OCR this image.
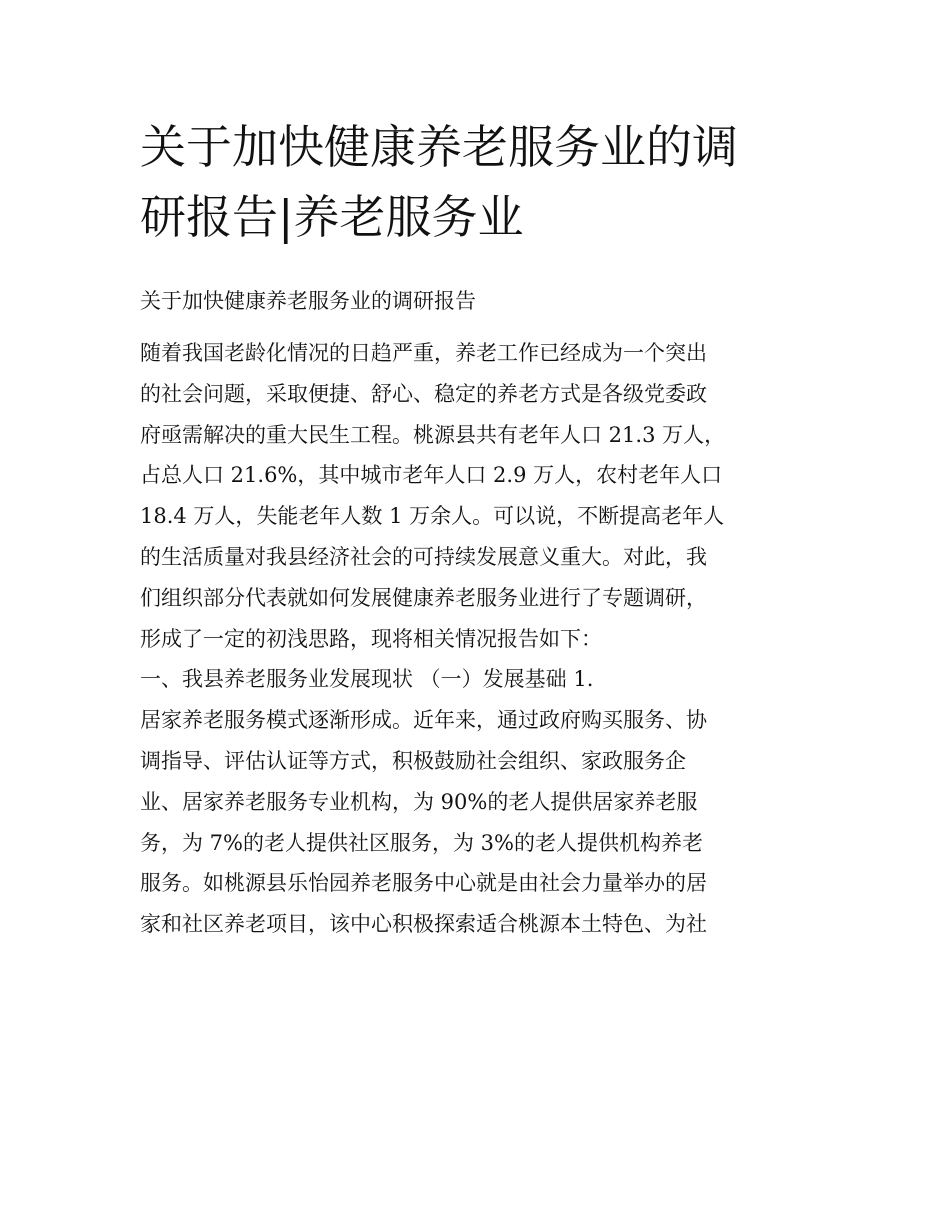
关于加快健康养老服务业的调
研报告|养老服务业

关于加快健康养老服务业的调研报告

随着我国老龄化情况的日趋严重，养老工作已经成为一个突出
的社会问题，采取便捷、舒心、稳定的养老方式是各级党委政
府亟需解决的重大民生工程。桃源县共有老年人口 21.3 万人，
占总人口 21.6%，其中城市老年人口 2.9 万人，农村老年人口
18.4 万人，失能老年人数 1 万余人。可以说，不断提高老年人
的生活质量对我县经济社会的可持续发展意义重大。对此，我
们组织部分代表就如何发展健康养老服务业进行了专题调研，
形成了一定的初浅思路，现将相关情况报告如下：

一、我县养老服务业发展现状 （一）发展基础 1.

居家养老服务模式逐渐形成。近年来，通过政府购买服务、协
调指导、评估认证等方式，积极鼓励社会组织、家政服务企
业、居家养老服务专业机构，为 90%的老人提供居家养老服
务，为 7%的老人提供社区服务，为 3%的老人提供机构养老
服务。如桃源县乐怡园养老服务中心就是由社会力量举办的居
家和社区养老项目，该中心积极探索适合桃源本土特色、为社
